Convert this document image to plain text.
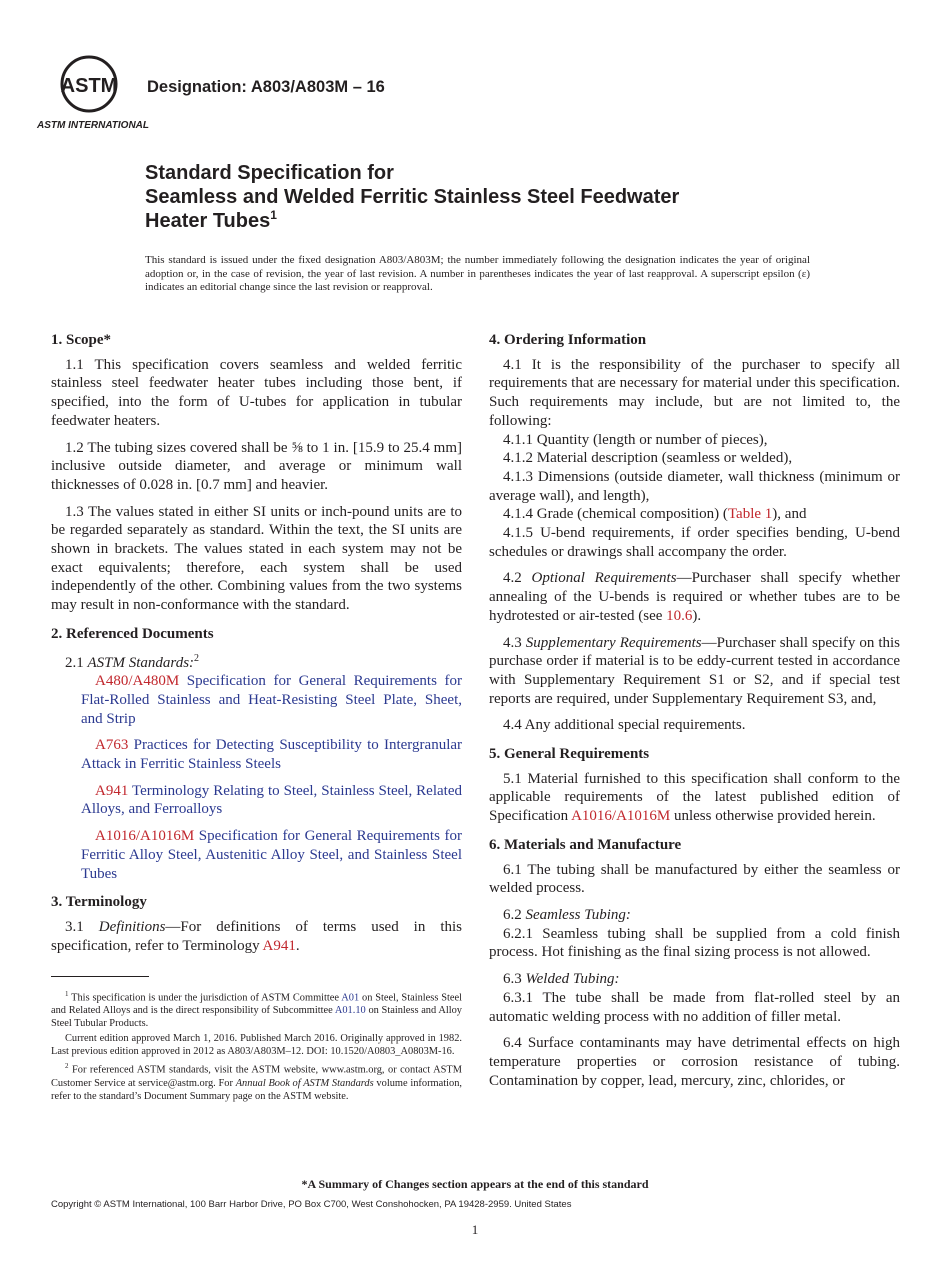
ASTM
ASTM INTERNATIONAL
Designation: A803/A803M – 16
Standard Specification for
Seamless and Welded Ferritic Stainless Steel Feedwater
Heater Tubes$^1$
This standard is issued under the fixed designation A803/A803M; the number immediately following the designation indicates the year of original adoption or, in the case of revision, the year of last revision. A number in parentheses indicates the year of last reapproval. A superscript epsilon (ε) indicates an editorial change since the last revision or reapproval.
1. Scope*

1.1 This specification covers seamless and welded ferritic stainless steel feedwater heater tubes including those bent, if specified, into the form of U-tubes for application in tubular feedwater heaters.

1.2 The tubing sizes covered shall be ⅝ to 1 in. [15.9 to 25.4 mm] inclusive outside diameter, and average or minimum wall thicknesses of 0.028 in. [0.7 mm] and heavier.

1.3 The values stated in either SI units or inch-pound units are to be regarded separately as standard. Within the text, the SI units are shown in brackets. The values stated in each system may not be exact equivalents; therefore, each system shall be used independently of the other. Combining values from the two systems may result in non-conformance with the standard.

2. Referenced Documents

2.1 ASTM Standards:$^2$

A480/A480M Specification for General Requirements for Flat-Rolled Stainless and Heat-Resisting Steel Plate, Sheet, and Strip

A763 Practices for Detecting Susceptibility to Intergranular Attack in Ferritic Stainless Steels

A941 Terminology Relating to Steel, Stainless Steel, Related Alloys, and Ferroalloys

A1016/A1016M Specification for General Requirements for Ferritic Alloy Steel, Austenitic Alloy Steel, and Stainless Steel Tubes

3. Terminology

3.1 Definitions—For definitions of terms used in this specification, refer to Terminology A941.

$^1$ This specification is under the jurisdiction of ASTM Committee A01 on Steel, Stainless Steel and Related Alloys and is the direct responsibility of Subcommittee A01.10 on Stainless and Alloy Steel Tubular Products.

Current edition approved March 1, 2016. Published March 2016. Originally approved in 1982. Last previous edition approved in 2012 as A803/A803M–12. DOI: 10.1520/A0803_A0803M-16.

$^2$ For referenced ASTM standards, visit the ASTM website, www.astm.org, or contact ASTM Customer Service at service@astm.org. For Annual Book of ASTM Standards volume information, refer to the standard’s Document Summary page on the ASTM website.

4. Ordering Information

4.1 It is the responsibility of the purchaser to specify all requirements that are necessary for material under this specification. Such requirements may include, but are not limited to, the following:

4.1.1 Quantity (length or number of pieces),

4.1.2 Material description (seamless or welded),

4.1.3 Dimensions (outside diameter, wall thickness (minimum or average wall), and length),

4.1.4 Grade (chemical composition) (Table 1), and

4.1.5 U-bend requirements, if order specifies bending, U-bend schedules or drawings shall accompany the order.

4.2 Optional Requirements—Purchaser shall specify whether annealing of the U-bends is required or whether tubes are to be hydrotested or air-tested (see 10.6).

4.3 Supplementary Requirements—Purchaser shall specify on this purchase order if material is to be eddy-current tested in accordance with Supplementary Requirement S1 or S2, and if special test reports are required, under Supplementary Requirement S3, and,

4.4 Any additional special requirements.

5. General Requirements

5.1 Material furnished to this specification shall conform to the applicable requirements of the latest published edition of Specification A1016/A1016M unless otherwise provided herein.

6. Materials and Manufacture

6.1 The tubing shall be manufactured by either the seamless or welded process.

6.2 Seamless Tubing:

6.2.1 Seamless tubing shall be supplied from a cold finish process. Hot finishing as the final sizing process is not allowed.

6.3 Welded Tubing:

6.3.1 The tube shall be made from flat-rolled steel by an automatic welding process with no addition of filler metal.

6.4 Surface contaminants may have detrimental effects on high temperature properties or corrosion resistance of tubing. Contamination by copper, lead, mercury, zinc, chlorides, or

*A Summary of Changes section appears at the end of this standard
Copyright © ASTM International, 100 Barr Harbor Drive, PO Box C700, West Conshohocken, PA 19428-2959. United States
1
